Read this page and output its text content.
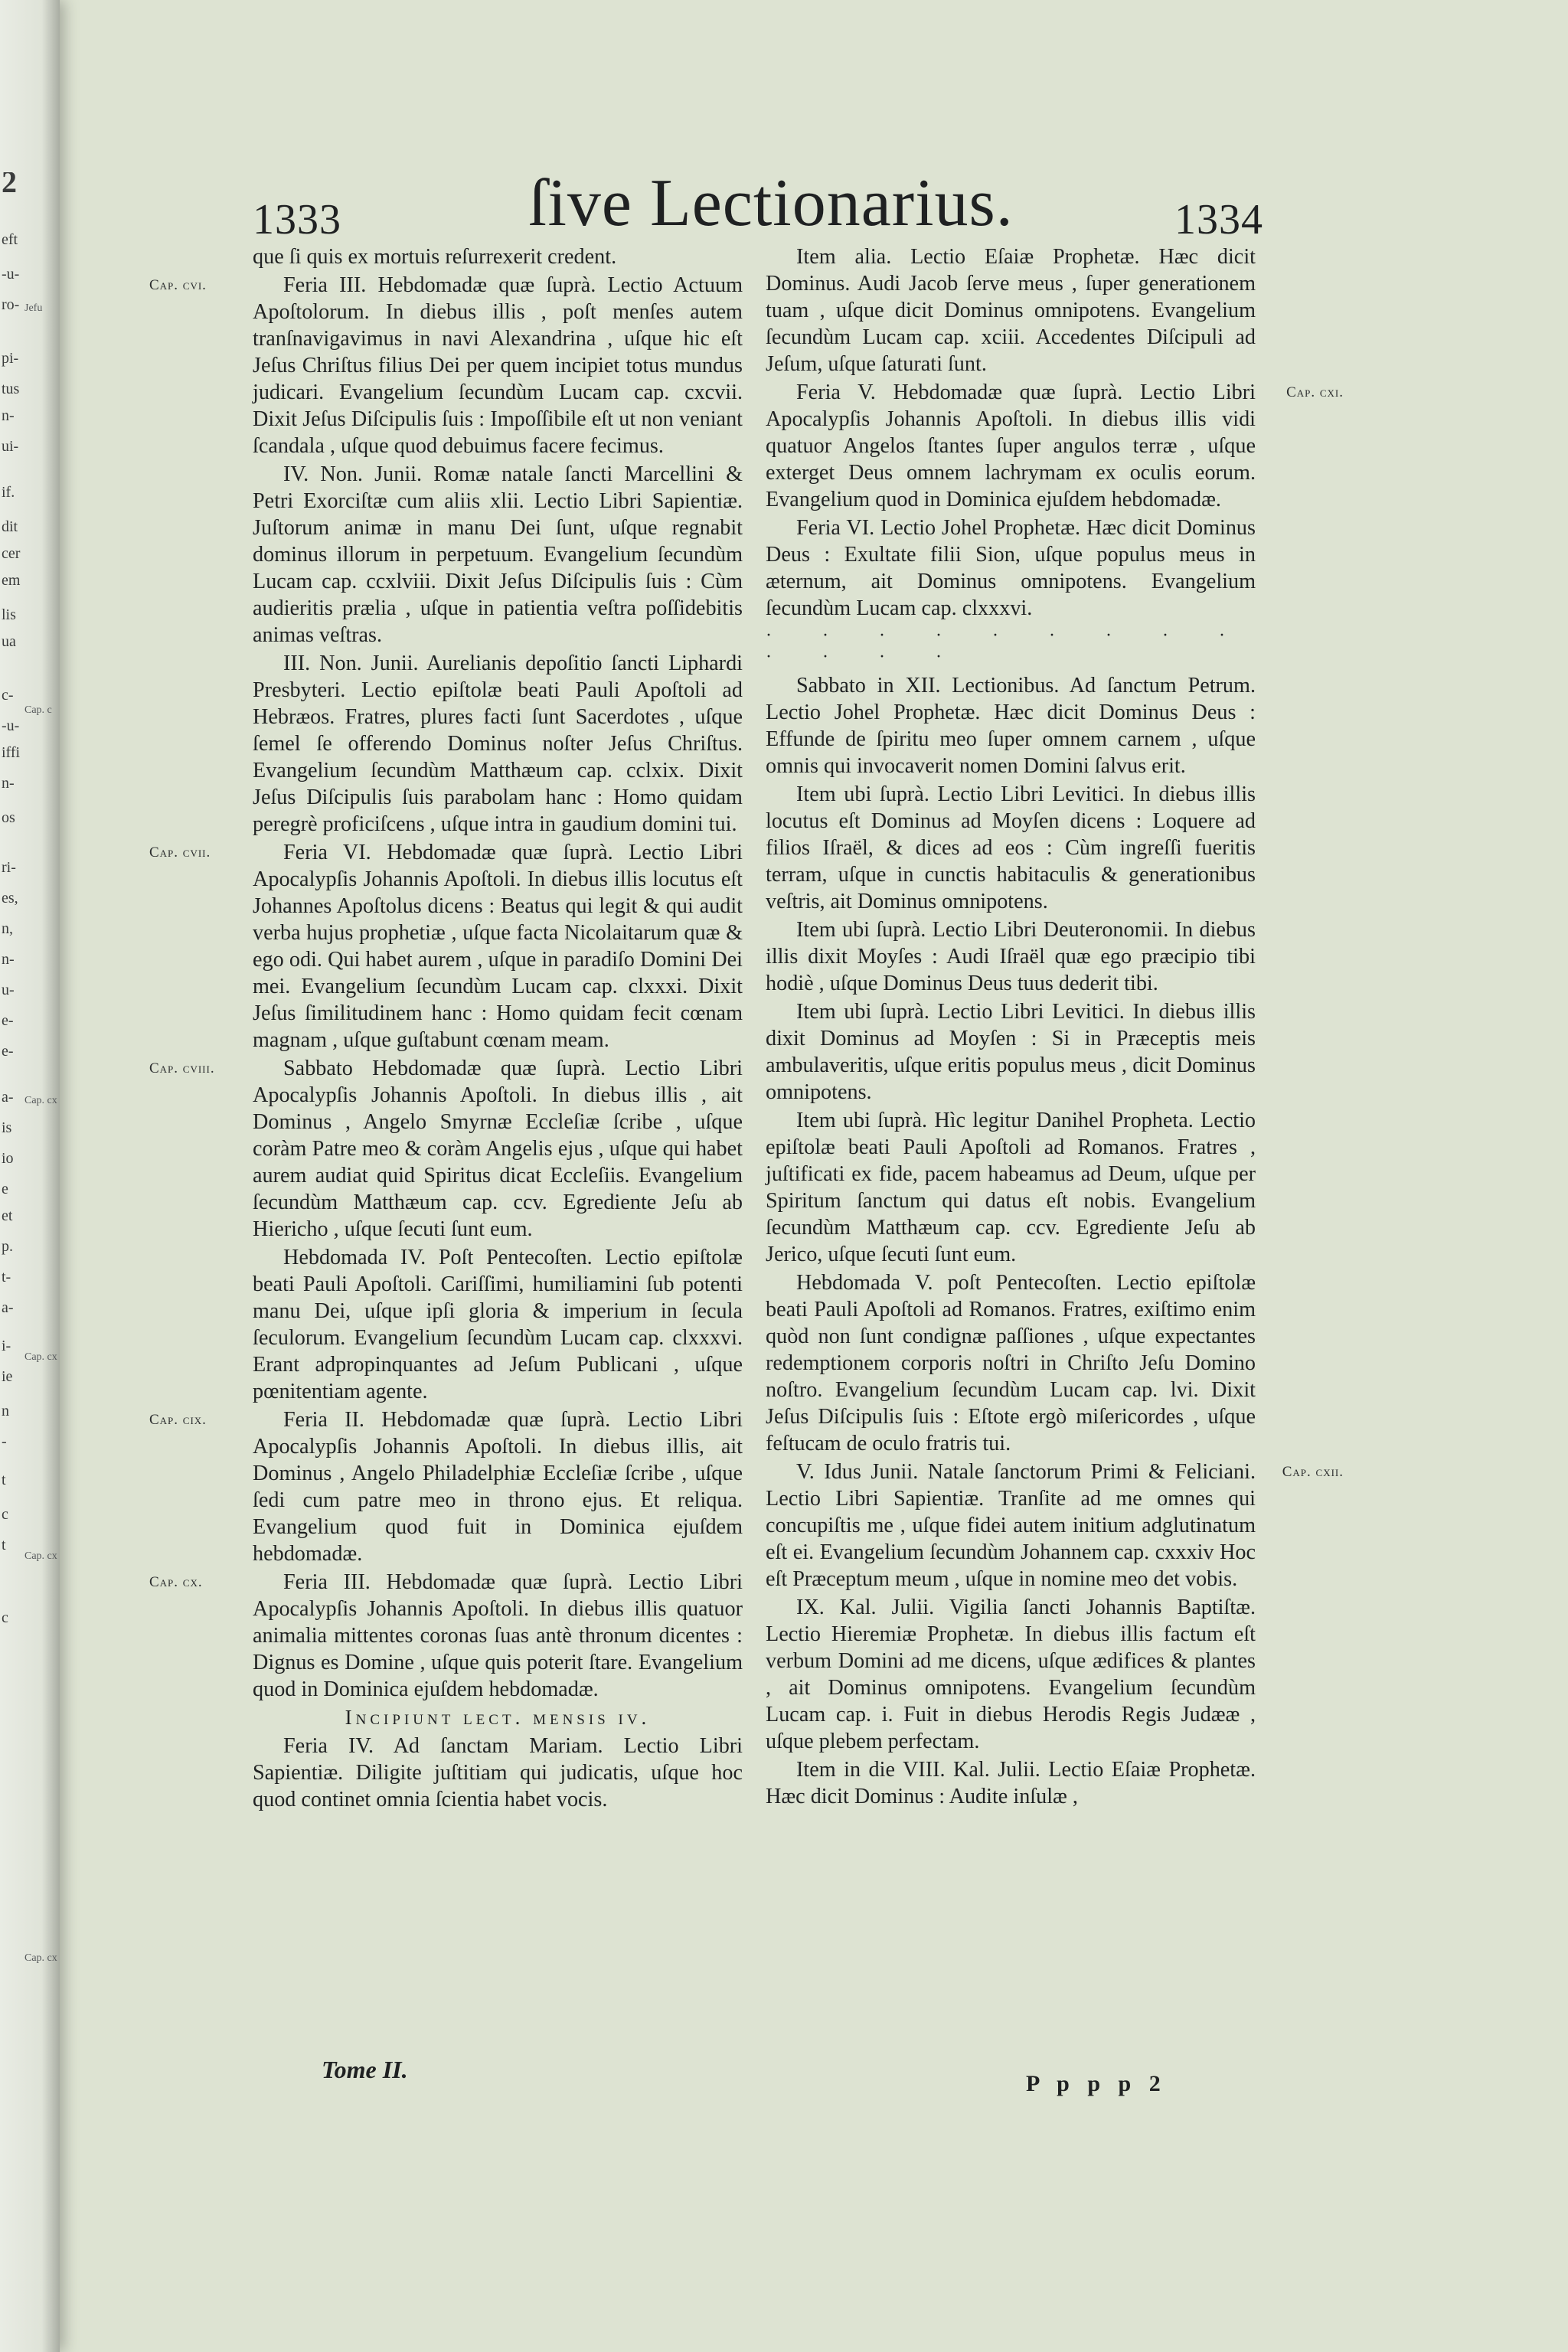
2
eft
-u-
ro-
pi-
tus
n-
ui-
if.
dit
cer
em
lis
ua
c-
-u-
iffi
n-
os
ri-
es,
n,
n-
u-
e-
e-
a-
is
io
e
et
p.
t-
a-
i-
ie
n
-
t
c
t
c
Jefu
Cap. c
Cap. cx
Cap. cx
Cap. cx
Cap. cx
1333	ſive Lectionarius.	1334

que ſi quis ex mortuis reſurrexerit credent.

Cap. cvi.	Feria III. Hebdomadæ quæ ſuprà. Lectio Actuum Apoſtolorum. In diebus illis , poſt menſes autem tranſnavigavimus in navi Alexandrina , uſque hic eſt Jeſus Chriſtus filius Dei per quem incipiet totus mundus judicari. Evangelium ſecundùm Lucam cap. cxcvii. Dixit Jeſus Diſcipulis ſuis : Impoſſibile eſt ut non veniant ſcandala , uſque quod debuimus facere fecimus.

IV. Non. Junii. Romæ natale ſancti Marcellini & Petri Exorciſtæ cum aliis xlii. Lectio Libri Sapientiæ. Juſtorum animæ in manu Dei ſunt, uſque regnabit dominus illorum in perpetuum. Evangelium ſecundùm Lucam cap. ccxlviii. Dixit Jeſus Diſcipulis ſuis : Cùm audieritis prælia , uſque in patientia veſtra poſſidebitis animas veſtras.

III. Non. Junii. Aurelianis depoſitio ſancti Liphardi Presbyteri. Lectio epiſtolæ beati Pauli Apoſtoli ad Hebræos. Fratres, plures facti ſunt Sacerdotes , uſque ſemel ſe offerendo Dominus noſter Jeſus Chriſtus. Evangelium ſecundùm Matthæum cap. cclxix. Dixit Jeſus Diſcipulis ſuis parabolam hanc : Homo quidam peregrè proficiſcens , uſque intra in gaudium domini tui.

Cap. cvii.	Feria VI. Hebdomadæ quæ ſuprà. Lectio Libri Apocalypſis Johannis Apoſtoli. In diebus illis locutus eſt Johannes Apoſtolus dicens : Beatus qui legit & qui audit verba hujus prophetiæ , uſque facta Nicolaitarum quæ & ego odi. Qui habet aurem , uſque in paradiſo Domini Dei mei. Evangelium ſecundùm Lucam cap. clxxxi. Dixit Jeſus ſimilitudinem hanc : Homo quidam fecit cœnam magnam , uſque guſtabunt cœnam meam.

Cap. cviii.	Sabbato Hebdomadæ quæ ſuprà. Lectio Libri Apocalypſis Johannis Apoſtoli. In diebus illis , ait Dominus , Angelo Smyrnæ Eccleſiæ ſcribe , uſque coràm Patre meo & coràm Angelis ejus , uſque qui habet aurem audiat quid Spiritus dicat Eccleſiis. Evangelium ſecundùm Matthæum cap. ccv. Egrediente Jeſu ab Hiericho , uſque ſecuti ſunt eum.

Hebdomada IV. Poſt Pentecoſten. Lectio epiſtolæ beati Pauli Apoſtoli. Cariſſimi, humiliamini ſub potenti manu Dei, uſque ipſi gloria & imperium in ſecula ſeculorum. Evangelium ſecundùm Lucam cap. clxxxvi. Erant adpropinquantes ad Jeſum Publicani , uſque pœnitentiam agente.

Cap. cix.	Feria II. Hebdomadæ quæ ſuprà. Lectio Libri Apocalypſis Johannis Apoſtoli. In diebus illis, ait Dominus , Angelo Philadelphiæ Eccleſiæ ſcribe , uſque ſedi cum patre meo in throno ejus. Et reliqua. Evangelium quod fuit in Dominica ejuſdem hebdomadæ.

Cap. cx.	Feria III. Hebdomadæ quæ ſuprà. Lectio Libri Apocalypſis Johannis Apoſtoli. In diebus illis quatuor animalia mittentes coronas ſuas antè thronum dicentes : Dignus es Domine , uſque quis poterit ſtare. Evangelium quod in Dominica ejuſdem hebdomadæ.

Incipiunt lect. mensis iv.

Feria IV. Ad ſanctam Mariam. Lectio Libri Sapientiæ. Diligite juſtitiam qui judicatis, uſque hoc quod continet omnia ſcientia habet vocis.

Item alia. Lectio Eſaiæ Prophetæ. Hæc dicit Dominus. Audi Jacob ſerve meus , ſuper generationem tuam , uſque dicit Dominus omnipotens. Evangelium ſecundùm Lucam cap. xciii. Accedentes Diſcipuli ad Jeſum, uſque ſaturati ſunt.

Cap. cxi.
Feria V. Hebdomadæ quæ ſuprà. Lectio Libri Apocalypſis Johannis Apoſtoli. In diebus illis vidi quatuor Angelos ſtantes ſuper angulos terræ , uſque exterget Deus omnem lachrymam ex oculis eorum. Evangelium quod in Dominica ejuſdem hebdomadæ.

Feria VI. Lectio Johel Prophetæ. Hæc dicit Dominus Deus : Exultate filii Sion, uſque populus meus in æternum, ait Dominus omnipotens. Evangelium ſecundùm Lucam cap. clxxxvi.

· · · · · · · · · · · · ·

Sabbato in XII. Lectionibus. Ad ſanctum Petrum. Lectio Johel Prophetæ. Hæc dicit Dominus Deus : Effunde de ſpiritu meo ſuper omnem carnem , uſque omnis qui invocaverit nomen Domini ſalvus erit.

Item ubi ſuprà. Lectio Libri Levitici. In diebus illis locutus eſt Dominus ad Moyſen dicens : Loquere ad filios Iſraël, & dices ad eos : Cùm ingreſſi fueritis terram, uſque in cunctis habitaculis & generationibus veſtris, ait Dominus omnipotens.

Item ubi ſuprà. Lectio Libri Deuteronomii. In diebus illis dixit Moyſes : Audi Iſraël quæ ego præcipio tibi hodiè , uſque Dominus Deus tuus dederit tibi.

Item ubi ſuprà. Lectio Libri Levitici. In diebus illis dixit Dominus ad Moyſen : Si in Præceptis meis ambulaveritis, uſque eritis populus meus , dicit Dominus omnipotens.

Item ubi ſuprà. Hìc legitur Danihel Propheta. Lectio epiſtolæ beati Pauli Apoſtoli ad Romanos. Fratres , juſtificati ex fide, pacem habeamus ad Deum, uſque per Spiritum ſanctum qui datus eſt nobis. Evangelium ſecundùm Matthæum cap. ccv. Egrediente Jeſu ab Jerico, uſque ſecuti ſunt eum.

Hebdomada V. poſt Pentecoſten. Lectio epiſtolæ beati Pauli Apoſtoli ad Romanos. Fratres, exiſtimo enim quòd non ſunt condignæ paſſiones , uſque expectantes redemptionem corporis noſtri in Chriſto Jeſu Domino noſtro. Evangelium ſecundùm Lucam cap. lvi. Dixit Jeſus Diſcipulis ſuis : Eſtote ergò miſericordes , uſque feſtucam de oculo fratris tui.

Cap. cxii.
V. Idus Junii. Natale ſanctorum Primi & Feliciani. Lectio Libri Sapientiæ. Tranſite ad me omnes qui concupiſtis me , uſque fidei autem initium adglutinatum eſt ei. Evangelium ſecundùm Johannem cap. cxxxiv Hoc eſt Præceptum meum , uſque in nomine meo det vobis.

IX. Kal. Julii. Vigilia ſancti Johannis Baptiſtæ. Lectio Hieremiæ Prophetæ. In diebus illis factum eſt verbum Domini ad me dicens, uſque ædifices & plantes , ait Dominus omnipotens. Evangelium ſecundùm Lucam cap. i. Fuit in diebus Herodis Regis Judææ , uſque plebem perfectam.

Item in die VIII. Kal. Julii. Lectio Eſaiæ Prophetæ. Hæc dicit Dominus : Audite inſulæ ,

Tome II.
P p p p 2
